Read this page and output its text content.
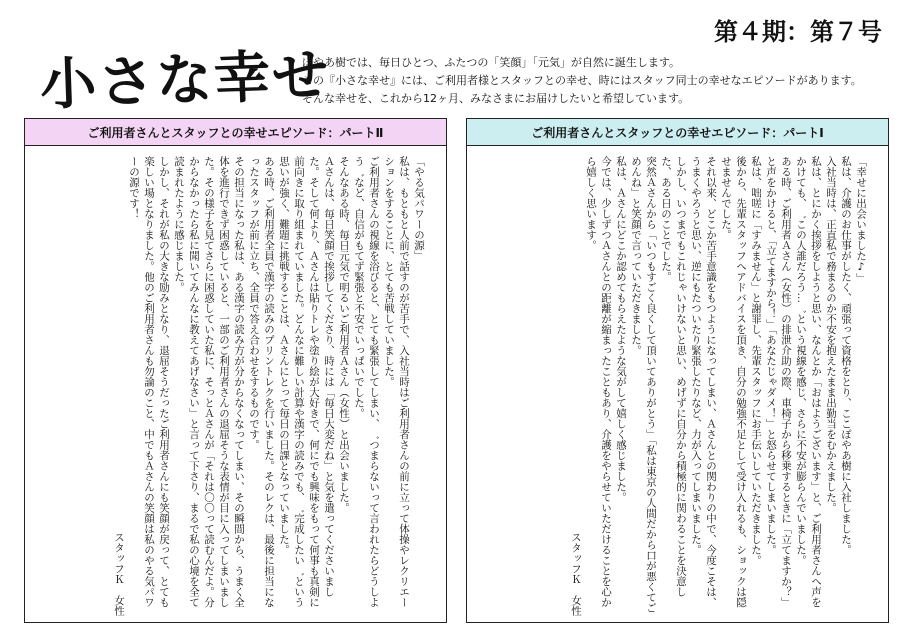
小さな幸せ
第４期：第７号
ぽやあ樹では、毎日ひとつ、ふたつの「笑顔」「元気」が自然に誕生します。
この『小さな幸せ』には、ご利用者様とスタッフとの幸せ、時にはスタッフ同士の幸せなエピソードがあります。
そんな幸せを、これから12ヶ月、みなさまにお届けしたいと希望しています。
ご利用者さんとスタッフとの幸せエピソード：パートⅡ

「やる気パワーの源」

私は、もともと人前で話すのが苦手で、入社当時はご利用者さんの前に立って体操やレクリエーションをすることに、とても苦戦していました。

ご利用者さんの視線を浴びると、とても緊張してしまい、゛つまらないって言われたらどうしよう゛など、自信がもてず緊張と不安でいっぱいでした。

そんなある時、毎日元気で明るいご利用者Ａさん（女性）と出会いました。

Ａさんは、毎日笑顔で挨拶してくださり、時には「毎日大変だね」と気を遣ってくださいました。そして何より、Ａさんは貼りトレや塗り絵が大好きで、何にでも興味をもって何事も真剣に前向きに取り組まれていました。どんなに難しい計算や漢字の読みでも、゛完成したい゛という思いが強く、難題に挑戦することは、Ａさんにとって毎日の日課となっていました。

ある時、ご利用者全員で漢字の読みのプリントレクを行いました。そのレクは、最後に担当になったスタッフが前に立ち、全員で答え合わせをするものです。

その担当になった私は、ある漢字の読み方が分からなくなってしまい、その瞬間から、うまく全体を進行できず困惑していると、一部のご利用者さんの退屈そうな表情が目に入ってしまいました。その様子を見てさらに困惑していた私に、そっとＡさんが「それは〇〇って読むんだよ。分からなかったら私に聞いてみんなに教えてあげなさい」と言って下さり、まるで私の心境を全て読まれたように感じました。

しかし、それが私の大きな励みとなり、退屈そうだったご利用者さんにも笑顔が戻って、とても楽しい場となりました。他のご利用者さんも勿論のこと、中でもＡさんの笑顔は私のやる気パワーの源です！

スタッフＫ　女性

ご利用者さんとスタッフとの幸せエピソード：パートⅠ

「幸せに出会いました♪」

私は、介護のお仕事がしたく、頑張って資格をとり、ここぽやあ樹に入社しました。

入社当時は、正直私で務まるのか不安を抱えたまま出勤当をむかえました。

私は、とにかく挨拶をしようと思い、なんとか「おはようございます」と、ご利用者さんへ声をかけても、゛この人誰だろう…゛という視線を感じ、さらに不安が膨らんでいました。

ある時、ご利用者Ａさん（女性）の排泄介助の際、車椅子から移乗するときに「立てますか？」と声をかけると、「立てますから！」「あなたじゃダメ！」と怒らせてしまいました。

私は、咄嗟に「すみません」と謝罪し、先輩スタッフにお手伝いしていただきました。

後から、先輩スタッフへアドバイスを頂き、自分の勉強不足として受け入れるも、ショックは隠せませんでした。

それ以来、どこか苦手意識をもつようになってしまい、Ａさんとの関わりの中で、今度こそは、うまくやろうと思い、逆にもたついたり緊張したりなど、力が入ってしまいました。

しかし、いつまでもこれじゃいけないと思い、めげずに自分から積極的に関わることを決意した、ある日のことでした。

突然Ａさんから「いつもすごく良くして頂いてありがとう」「私は東京の人間だから口が悪くてごめんね」と笑顔で言っていただきました。

私は、Ａさんにどこか認めてもらえたような気がして嬉しく感じました。

今では、少しずつＡさんとの距離が縮まったこともあり、介護をやらせていただけることを心から嬉しく思います。

スタッフＫ　女性
